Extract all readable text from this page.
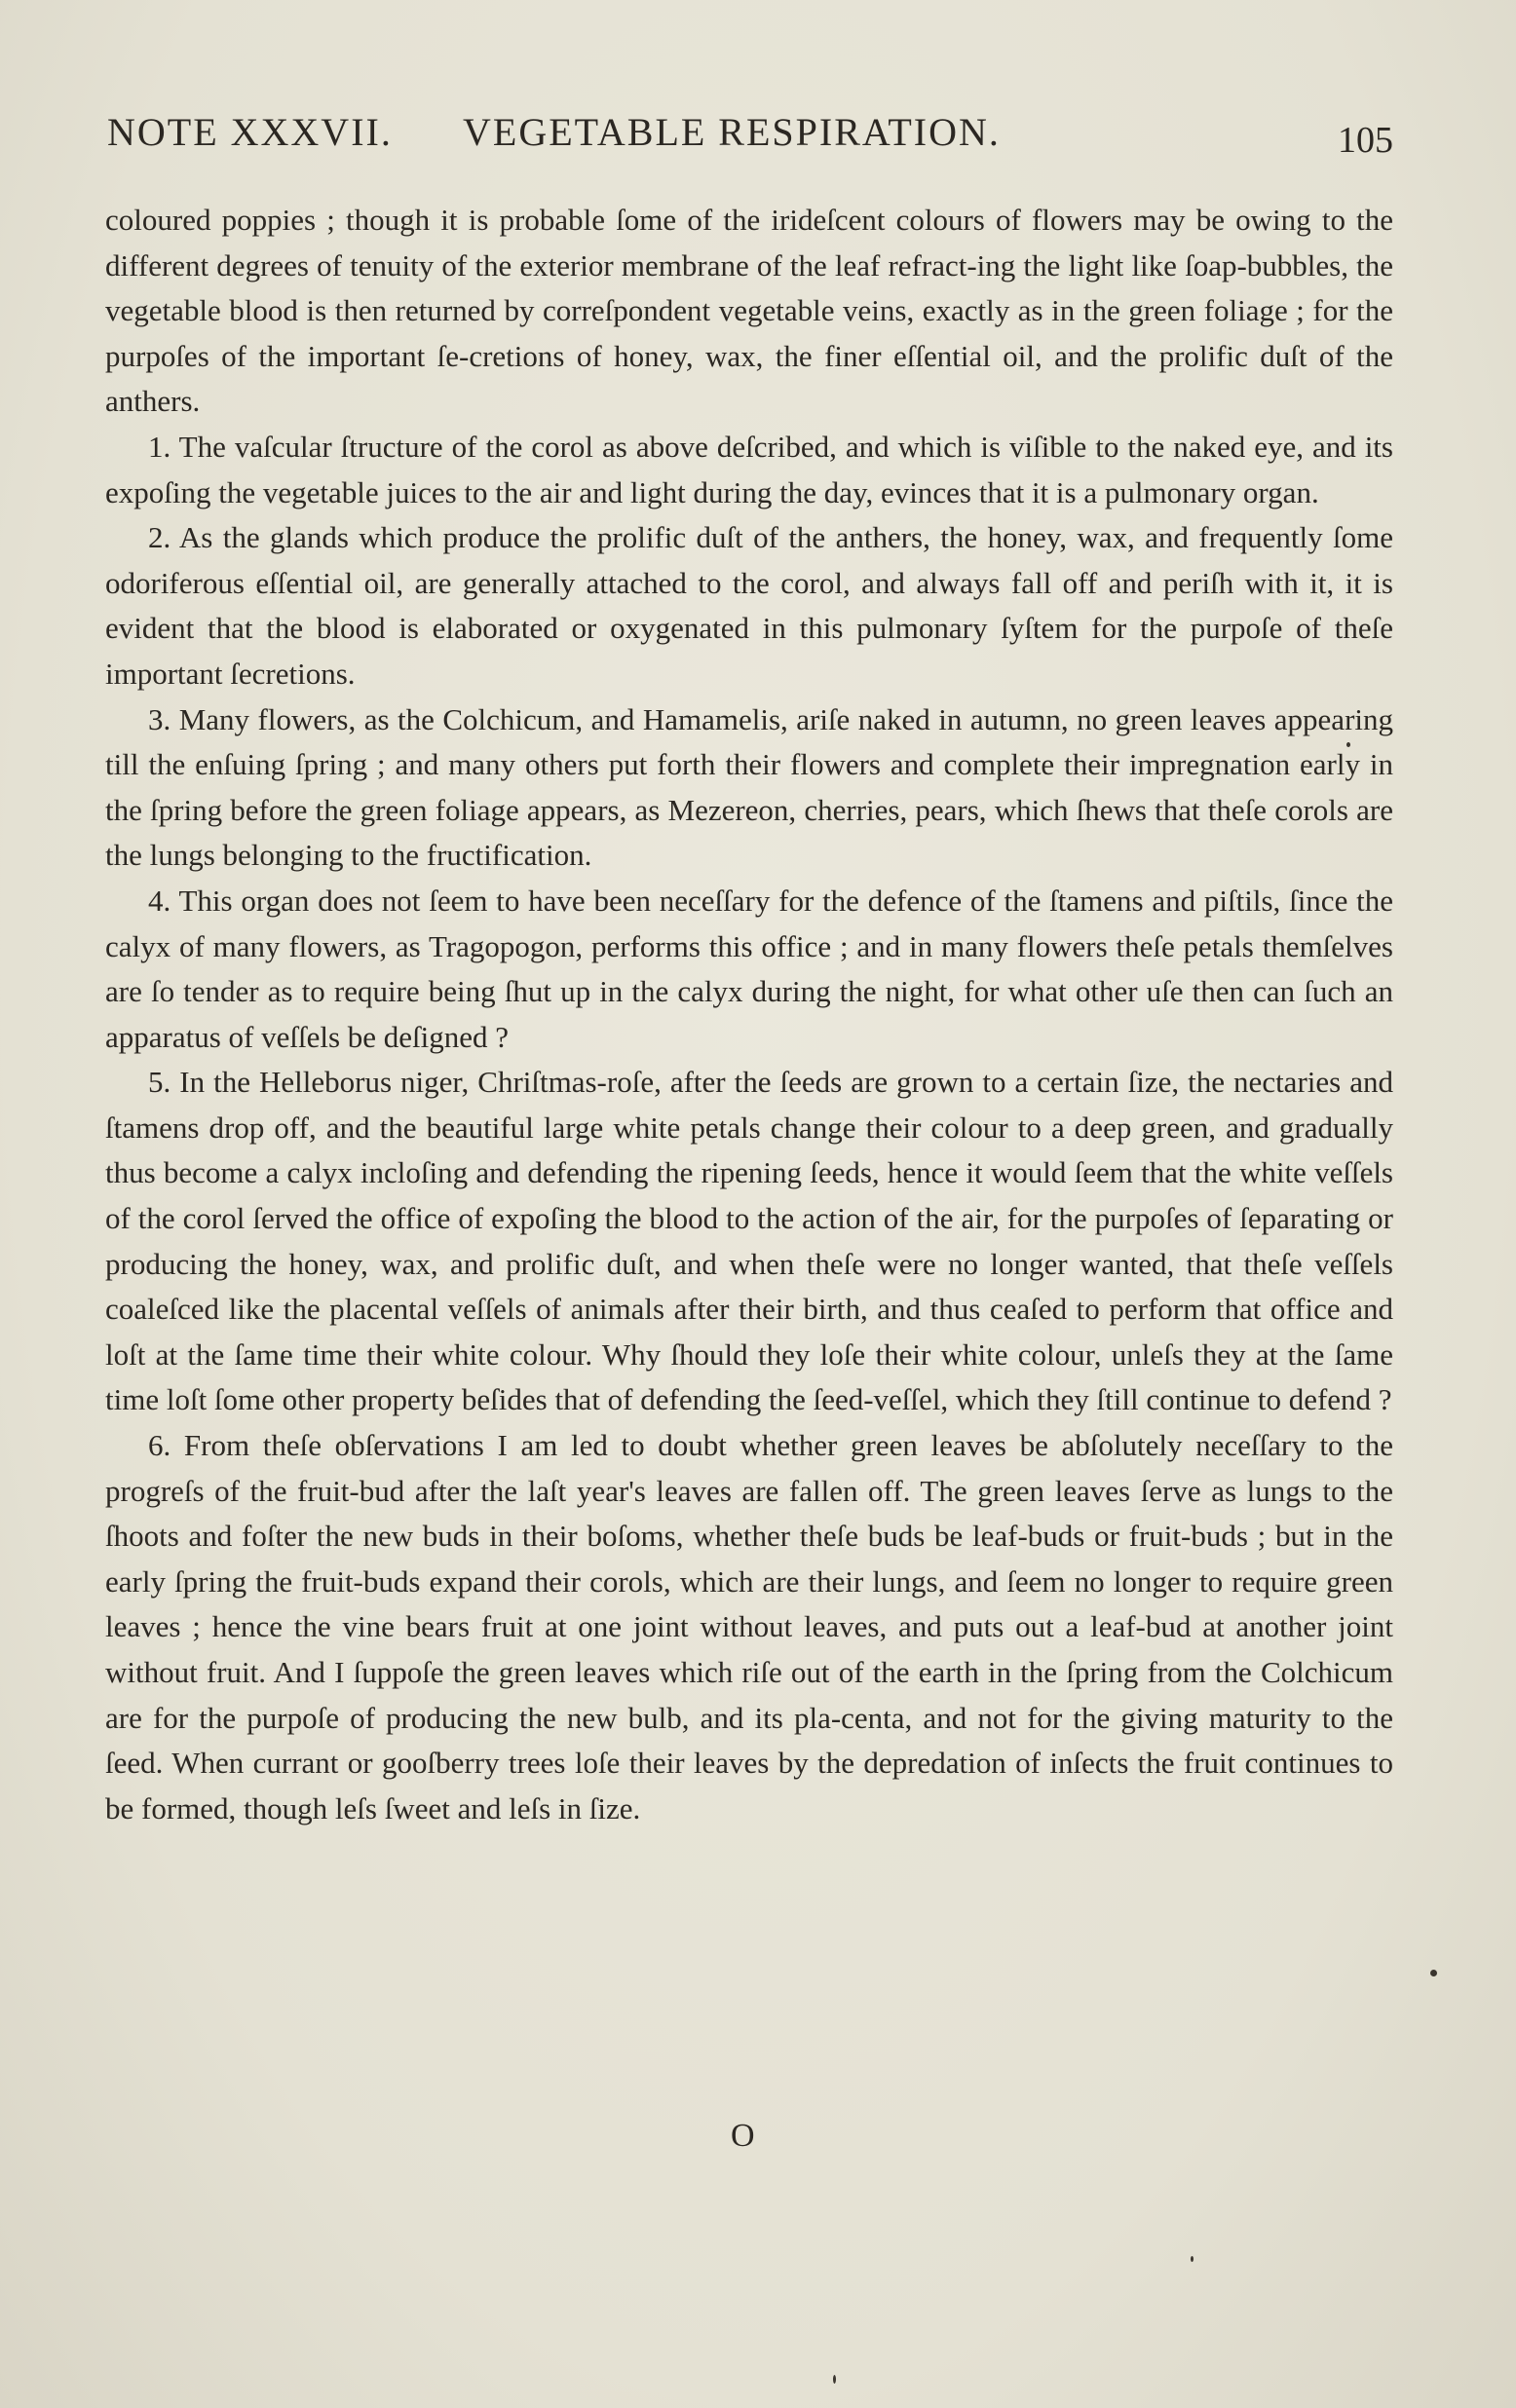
NOTE XXXVII. VEGETABLE RESPIRATION.	105

coloured poppies ; though it is probable ſome of the irideſcent colours of flowers may be owing to the different degrees of tenuity of the exterior membrane of the leaf refract-ing the light like ſoap-bubbles, the vegetable blood is then returned by correſpondent vegetable veins, exactly as in the green foliage ; for the purpoſes of the important ſe-cretions of honey, wax, the finer eſſential oil, and the prolific duſt of the anthers.

1. The vaſcular ſtructure of the corol as above deſcribed, and which is viſible to the naked eye, and its expoſing the vegetable juices to the air and light during the day, evinces that it is a pulmonary organ.

2. As the glands which produce the prolific duſt of the anthers, the honey, wax, and frequently ſome odoriferous eſſential oil, are generally attached to the corol, and always fall off and periſh with it, it is evident that the blood is elaborated or oxygenated in this pulmonary ſyſtem for the purpoſe of theſe important ſecretions.

3. Many flowers, as the Colchicum, and Hamamelis, ariſe naked in autumn, no green leaves appearing till the enſuing ſpring ; and many others put forth their flowers and complete their impregnation early in the ſpring before the green foliage appears, as Mezereon, cherries, pears, which ſhews that theſe corols are the lungs belonging to the fructification.

4. This organ does not ſeem to have been neceſſary for the defence of the ſtamens and piſtils, ſince the calyx of many flowers, as Tragopogon, performs this office ; and in many flowers theſe petals themſelves are ſo tender as to require being ſhut up in the calyx during the night, for what other uſe then can ſuch an apparatus of veſſels be deſigned ?

5. In the Helleborus niger, Chriſtmas-roſe, after the ſeeds are grown to a certain ſize, the nectaries and ſtamens drop off, and the beautiful large white petals change their colour to a deep green, and gradually thus become a calyx incloſing and defending the ripening ſeeds, hence it would ſeem that the white veſſels of the corol ſerved the office of expoſing the blood to the action of the air, for the purpoſes of ſeparating or producing the honey, wax, and prolific duſt, and when theſe were no longer wanted, that theſe veſſels coaleſced like the placental veſſels of animals after their birth, and thus ceaſed to perform that office and loſt at the ſame time their white colour. Why ſhould they loſe their white colour, unleſs they at the ſame time loſt ſome other property beſides that of defending the ſeed-veſſel, which they ſtill continue to defend ?

6. From theſe obſervations I am led to doubt whether green leaves be abſolutely neceſſary to the progreſs of the fruit-bud after the laſt year's leaves are fallen off. The green leaves ſerve as lungs to the ſhoots and foſter the new buds in their boſoms, whether theſe buds be leaf-buds or fruit-buds ; but in the early ſpring the fruit-buds expand their corols, which are their lungs, and ſeem no longer to require green leaves ; hence the vine bears fruit at one joint without leaves, and puts out a leaf-bud at another joint without fruit. And I ſuppoſe the green leaves which riſe out of the earth in the ſpring from the Colchicum are for the purpoſe of producing the new bulb, and its pla-centa, and not for the giving maturity to the ſeed. When currant or gooſberry trees loſe their leaves by the depredation of inſects the fruit continues to be formed, though leſs ſweet and leſs in ſize.

O
